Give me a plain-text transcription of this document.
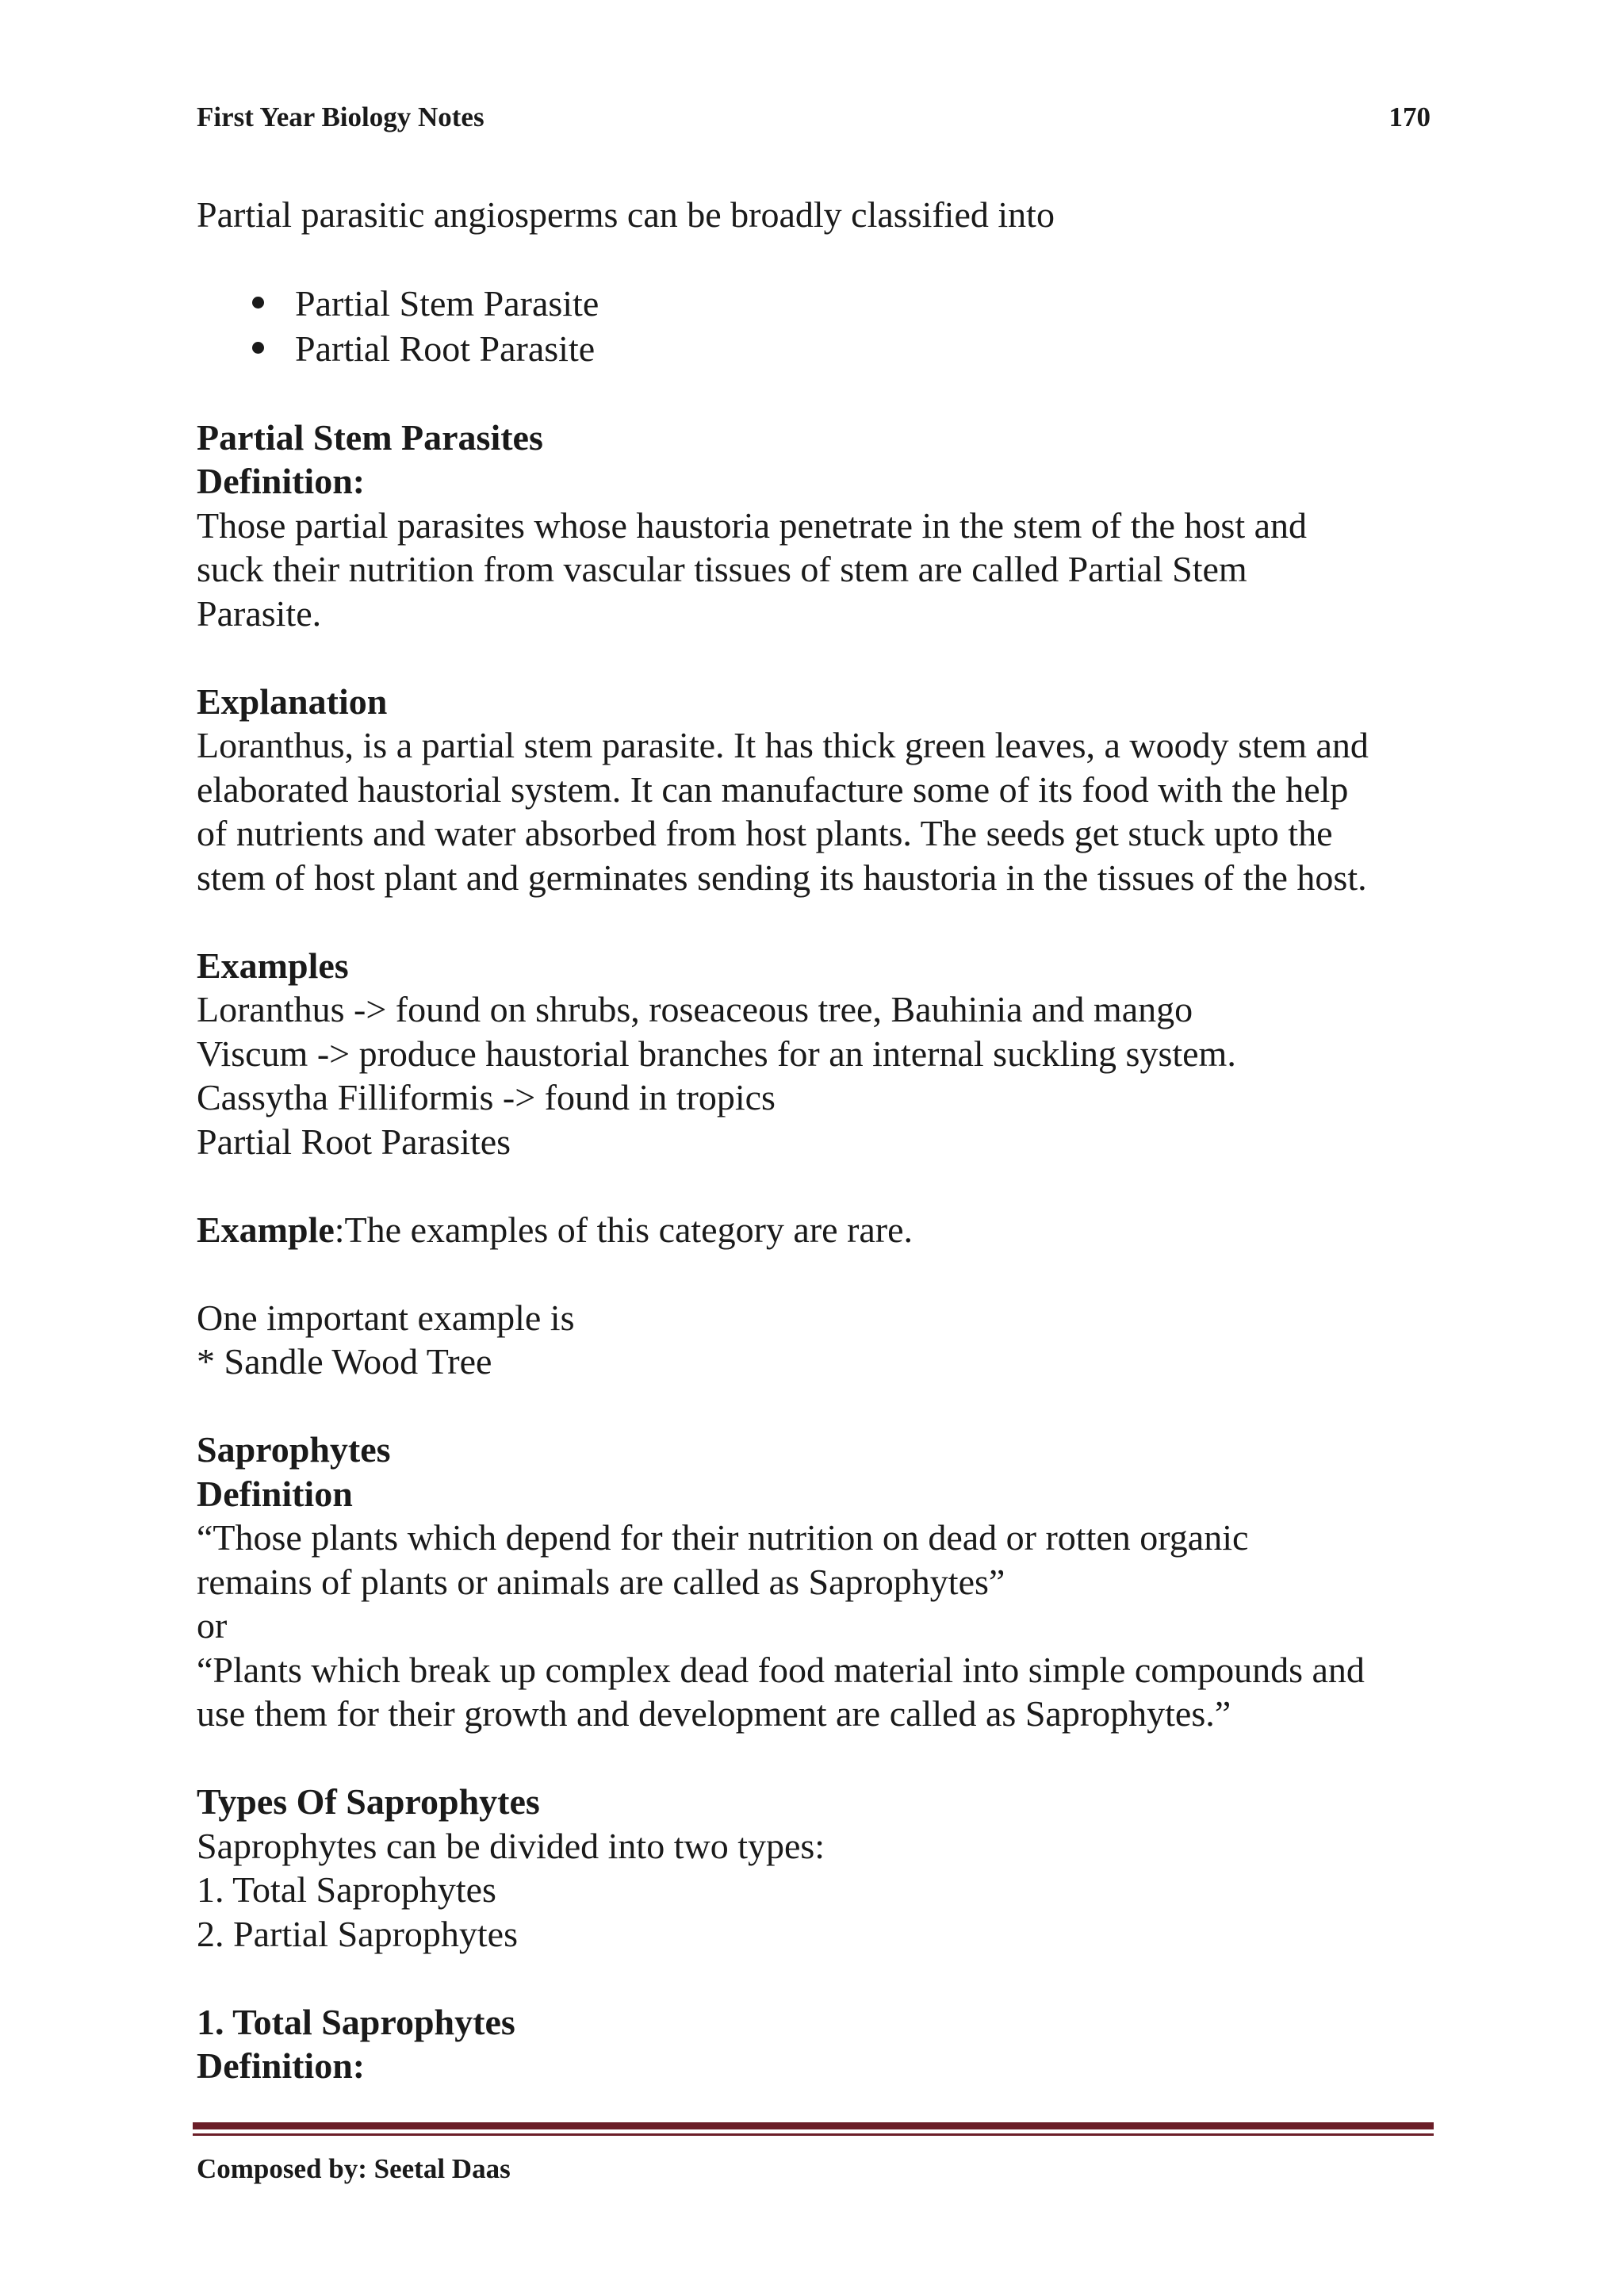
First Year Biology Notes	170
Partial parasitic angiosperms can be broadly classified into
Partial Stem Parasite
Partial Root Parasite
Partial Stem Parasites
Definition:
Those partial parasites whose haustoria penetrate in the stem of the host and
suck their nutrition from vascular tissues of stem are called Partial Stem
Parasite.
Explanation
Loranthus, is a partial stem parasite. It has thick green leaves, a woody stem and
elaborated haustorial system. It can manufacture some of its food with the help
of nutrients and water absorbed from host plants. The seeds get stuck upto the
stem of host plant and germinates sending its haustoria in the tissues of the host.
Examples
Loranthus -> found on shrubs, roseaceous tree, Bauhinia and mango
Viscum -> produce haustorial branches for an internal suckling system.
Cassytha Filliformis -> found in tropics
Partial Root Parasites
Example:The examples of this category are rare.
One important example is
* Sandle Wood Tree
Saprophytes
Definition
“Those plants which depend for their nutrition on dead or rotten organic
remains of plants or animals are called as Saprophytes”
or
“Plants which break up complex dead food material into simple compounds and
use them for their growth and development are called as Saprophytes.”
Types Of Saprophytes
Saprophytes can be divided into two types:
1. Total Saprophytes
2. Partial Saprophytes
1. Total Saprophytes
Definition:
Composed by: Seetal Daas
